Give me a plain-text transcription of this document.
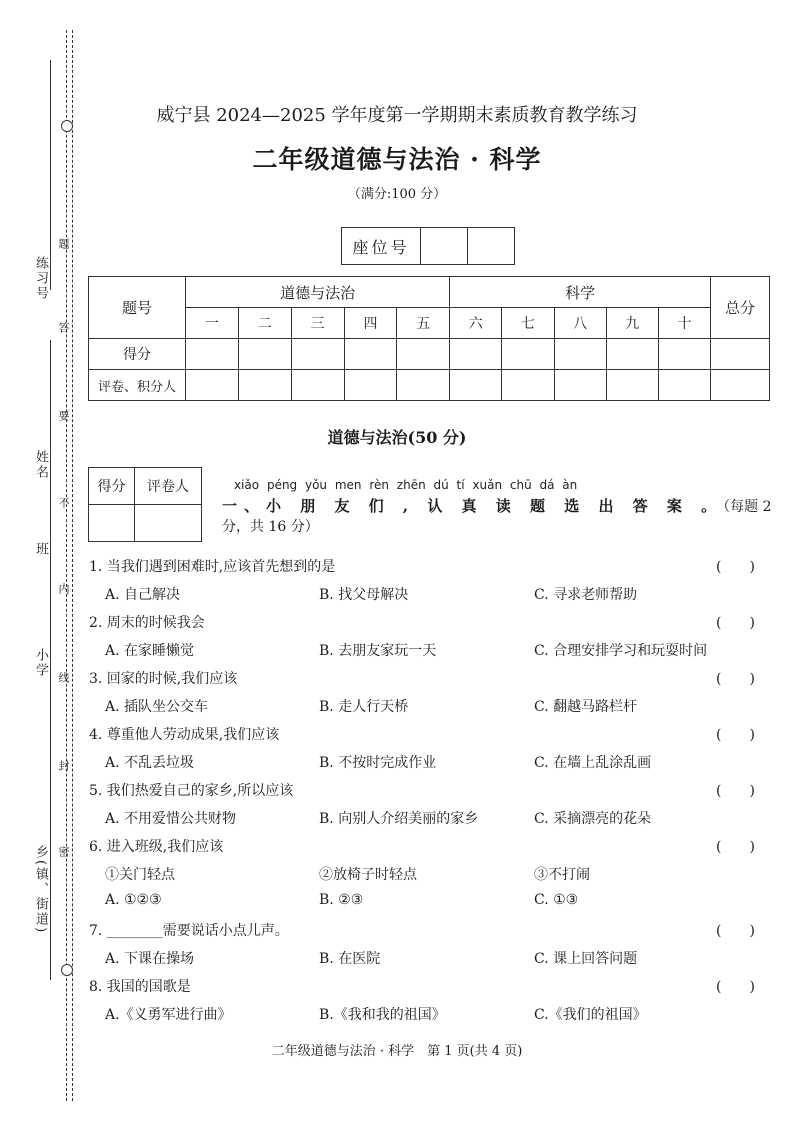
练习号
姓名
班
小学
乡(镇、街道)
题
答
要
不
内
线
封
密
威宁县 2024—2025 学年度第一学期期末素质教育教学练习
二年级道德与法治 · 科学
（满分:100 分）
座位号		
题号	道德与法治					科学					总分
	一	二	三	四	五	六	七	八	九	十	
得分											
评卷、积分人											
道德与法治(50 分)
得分	评卷人
		xiǎo péng yǒu men rèn zhēn dú tí xuǎn chū dá àn
一、小 朋 友 们 , 认 真 读 题 选 出 答 案 。（每题 2 分，共 16 分）
1. 当我们遇到困难时,应该首先想到的是	(　　)
A. 自己解决	B. 找父母解决	C. 寻求老师帮助
2. 周末的时候我会	(　　)
A. 在家睡懒觉	B. 去朋友家玩一天	C. 合理安排学习和玩耍时间
3. 回家的时候,我们应该	(　　)
A. 插队坐公交车	B. 走人行天桥	C. 翻越马路栏杆
4. 尊重他人劳动成果,我们应该	(　　)
A. 不乱丢垃圾	B. 不按时完成作业	C. 在墙上乱涂乱画
5. 我们热爱自己的家乡,所以应该	(　　)
A. 不用爱惜公共财物	B. 向别人介绍美丽的家乡	C. 采摘漂亮的花朵
6. 进入班级,我们应该	(　　)
①关门轻点	②放椅子时轻点	③不打闹
A. ①②③	B. ②③	C. ①③
7. ________需要说话小点儿声。	(　　)
A. 下课在操场	B. 在医院	C. 课上回答问题
8. 我国的国歌是	(　　)
A.《义勇军进行曲》	B.《我和我的祖国》	C.《我们的祖国》
二年级道德与法治 · 科学　第 1 页(共 4 页)
